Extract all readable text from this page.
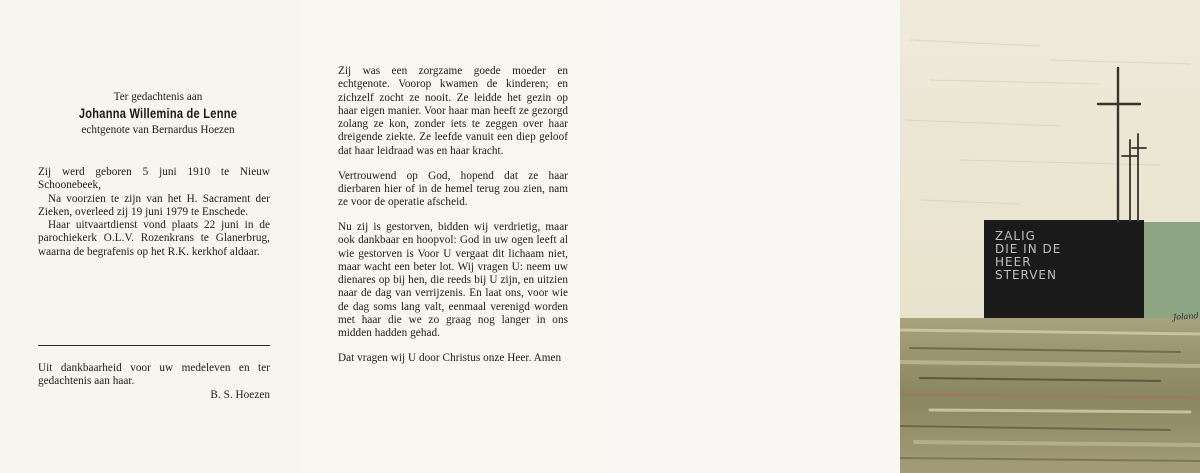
Ter gedachtenis aan
Johanna Willemina de Lenne
echtgenote van Bernardus Hoezen

Zij werd geboren 5 juni 1910 te Nieuw Schoonebeek,

Na voorzien te zijn van het H. Sacrament der Zieken, overleed zij 19 juni 1979 te Enschede.

Haar uitvaartdienst vond plaats 22 juni in de parochiekerk O.L.V. Rozenkrans te Glanerbrug, waarna de begrafenis op het R.K. kerkhof aldaar.

Uit dankbaarheid voor uw medeleven en ter gedachtenis aan haar.

B. S. Hoezen

Zij was een zorgzame goede moeder en echtgenote. Voorop kwamen de kinderen; en zichzelf zocht ze nooit. Ze leidde het gezin op haar eigen manier. Voor haar man heeft ze gezorgd zolang ze kon, zonder iets te zeggen over haar dreigende ziekte. Ze leefde vanuit een diep geloof dat haar leidraad was en haar kracht.

Vertrouwend op God, hopend dat ze haar dierbaren hier of in de hemel terug zou zien, nam ze voor de operatie afscheid.

Nu zij is gestorven, bidden wij verdrietig, maar ook dankbaar en hoopvol: God in uw ogen leeft al wie gestorven is Voor U vergaat dit lichaam niet, maar wacht een beter lot. Wij vragen U: neem uw dienares op bij hen, die reeds bij U zijn, en uitzien naar de dag van verrijzenis. En laat ons, voor wie de dag soms lang valt, eenmaal verenigd worden met haar die we zo graag nog langer in ons midden hadden gehad.

Dat vragen wij U door Christus onze Heer. Amen

ZALIG
DIE IN DE
HEER
STERVEN
Joland
